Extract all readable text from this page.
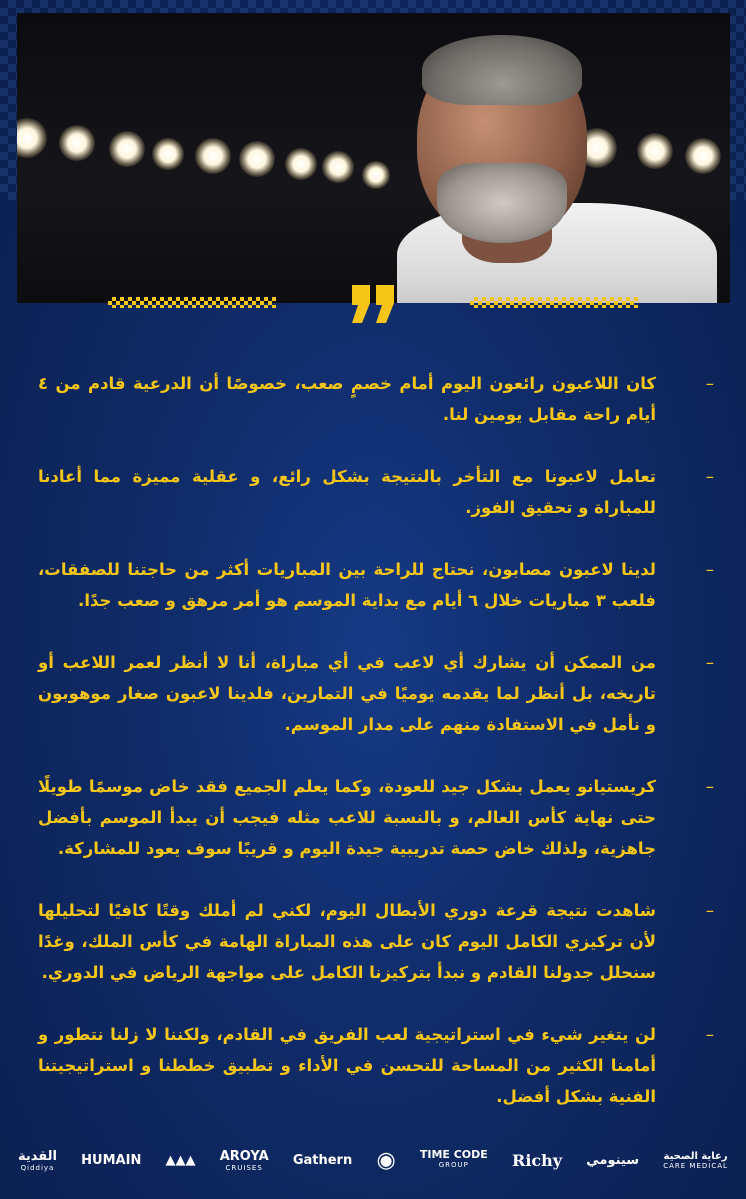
–
كان اللاعبون رائعون اليوم أمام خصمٍ صعب، خصوصًا أن الدرعية قادم من ٤ أيام راحة مقابل يومين لنا.
–
تعامل لاعبونا مع التأخر بالنتيجة بشكل رائع، و عقلية مميزة مما أعادنا للمباراة و تحقيق الفوز.
–
لدينا لاعبون مصابون، نحتاج للراحة بين المباريات أكثر من حاجتنا للصفقات، فلعب ٣ مباريات خلال ٦ أيام مع بداية الموسم هو أمر مرهق و صعب جدًا.
–
من الممكن أن يشارك أي لاعب في أي مباراة، أنا لا أنظر لعمر اللاعب أو تاريخه، بل أنظر لما يقدمه يوميًا في التمارين، فلدينا لاعبون صغار موهوبون و نأمل في الاستفادة منهم على مدار الموسم.
–
كريستيانو يعمل بشكل جيد للعودة، وكما يعلم الجميع فقد خاض موسمًا طويلًا حتى نهاية كأس العالم، و بالنسبة للاعب مثله فيجب أن يبدأ الموسم بأفضل جاهزية، ولذلك خاض حصة تدريبية جيدة اليوم و قريبًا سوف يعود للمشاركة.
–
شاهدت نتيجة قرعة دوري الأبطال اليوم، لكني لم أملك وقتًا كافيًا لتحليلها لأن تركيزي الكامل اليوم كان على هذه المباراة الهامة في كأس الملك، وغدًا سنحلل جدولنا القادم و نبدأ بتركيزنا الكامل على مواجهة الرياض في الدوري.
–
لن يتغير شيء في استراتيجية لعب الفريق في القادم، ولكننا لا زلنا نتطور و أمامنا الكثير من المساحة للتحسن في الأداء و تطبيق خططنا و استراتيجيتنا الفنية بشكل أفضل.
القدية
Qiddiya HUMAIN ▲▲▲ AROYA
CRUISES	Gathern ◉ TIME CODE
GROUP	Richy سينومي رعاية الصحية
CARE MEDICAL
